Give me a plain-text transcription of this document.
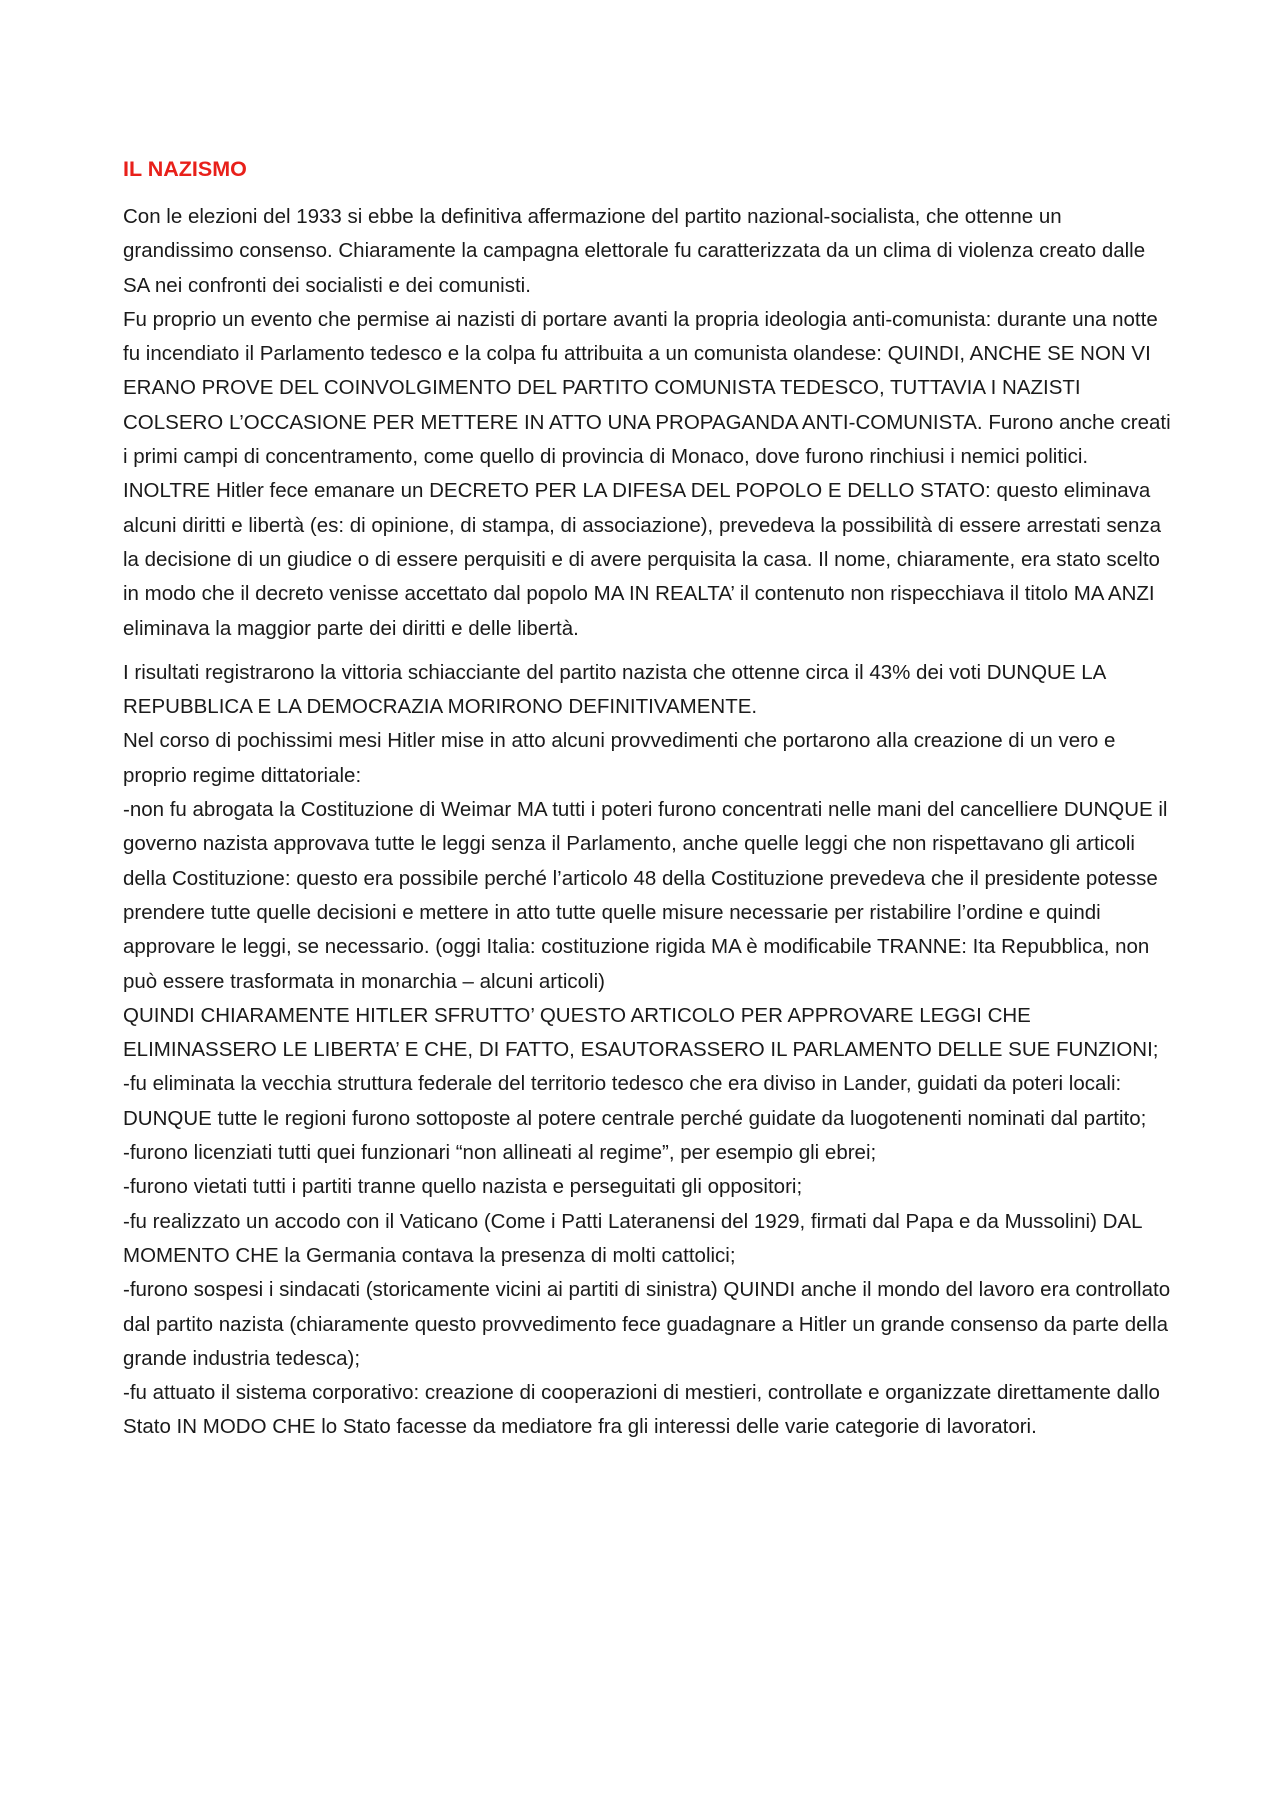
IL NAZISMO

Con le elezioni del 1933 si ebbe la definitiva affermazione del partito nazional-socialista, che ottenne un grandissimo consenso. Chiaramente la campagna elettorale fu caratterizzata da un clima di violenza creato dalle SA nei confronti dei socialisti e dei comunisti.
Fu proprio un evento che permise ai nazisti di portare avanti la propria ideologia anti-comunista: durante una notte fu incendiato il Parlamento tedesco e la colpa fu attribuita a un comunista olandese: QUINDI, ANCHE SE NON VI ERANO PROVE DEL COINVOLGIMENTO DEL PARTITO COMUNISTA TEDESCO, TUTTAVIA I NAZISTI COLSERO L’OCCASIONE PER METTERE IN ATTO UNA PROPAGANDA ANTI-COMUNISTA. Furono anche creati i primi campi di concentramento, come quello di provincia di Monaco, dove furono rinchiusi i nemici politici.
INOLTRE Hitler fece emanare un DECRETO PER LA DIFESA DEL POPOLO E DELLO STATO: questo eliminava alcuni diritti e libertà (es: di opinione, di stampa, di associazione), prevedeva la possibilità di essere arrestati senza la decisione di un giudice o di essere perquisiti e di avere perquisita la casa. Il nome, chiaramente, era stato scelto in modo che il decreto venisse accettato dal popolo MA IN REALTA’ il contenuto non rispecchiava il titolo MA ANZI eliminava la maggior parte dei diritti e delle libertà.

I risultati registrarono la vittoria schiacciante del partito nazista che ottenne circa il 43% dei voti DUNQUE LA REPUBBLICA E LA DEMOCRAZIA MORIRONO DEFINITIVAMENTE.
Nel corso di pochissimi mesi Hitler mise in atto alcuni provvedimenti che portarono alla creazione di un vero e proprio regime dittatoriale:
-non fu abrogata la Costituzione di Weimar MA tutti i poteri furono concentrati nelle mani del cancelliere DUNQUE il governo nazista approvava tutte le leggi senza il Parlamento, anche quelle leggi che non rispettavano gli articoli della Costituzione: questo era possibile perché l’articolo 48 della Costituzione prevedeva che il presidente potesse prendere tutte quelle decisioni e mettere in atto tutte quelle misure necessarie per ristabilire l’ordine e quindi approvare le leggi, se necessario. (oggi Italia: costituzione rigida MA è modificabile TRANNE: Ita Repubblica, non può essere trasformata in monarchia – alcuni articoli)
QUINDI CHIARAMENTE HITLER SFRUTTO’ QUESTO ARTICOLO PER APPROVARE LEGGI CHE ELIMINASSERO LE LIBERTA’ E CHE, DI FATTO, ESAUTORASSERO IL PARLAMENTO DELLE SUE FUNZIONI;
-fu eliminata la vecchia struttura federale del territorio tedesco che era diviso in Lander, guidati da poteri locali: DUNQUE tutte le regioni furono sottoposte al potere centrale perché guidate da luogotenenti nominati dal partito;
-furono licenziati tutti quei funzionari “non allineati al regime”, per esempio gli ebrei;
-furono vietati tutti i partiti tranne quello nazista e perseguitati gli oppositori;
-fu realizzato un accodo con il Vaticano (Come i Patti Lateranensi del 1929, firmati dal Papa e da Mussolini) DAL MOMENTO CHE la Germania contava la presenza di molti cattolici;
-furono sospesi i sindacati (storicamente vicini ai partiti di sinistra) QUINDI anche il mondo del lavoro era controllato dal partito nazista (chiaramente questo provvedimento fece guadagnare a Hitler un grande consenso da parte della grande industria tedesca);
-fu attuato il sistema corporativo: creazione di cooperazioni di mestieri, controllate e organizzate direttamente dallo Stato IN MODO CHE lo Stato facesse da mediatore fra gli interessi delle varie categorie di lavoratori.
